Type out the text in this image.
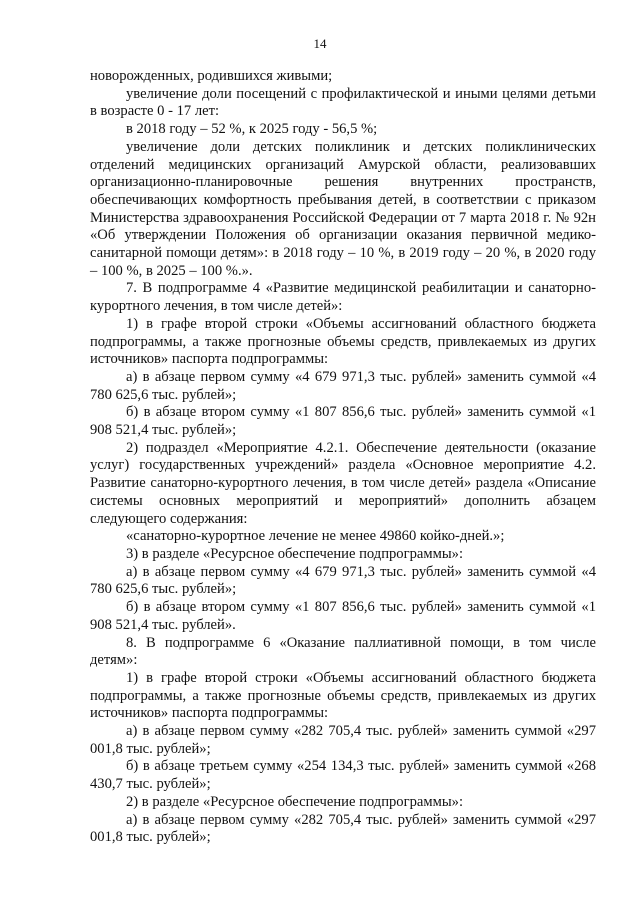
14

новорожденных, родившихся живыми;

увеличение доли посещений с профилактической и иными целями детьми в возрасте 0 - 17 лет:

в 2018 году – 52 %, к 2025 году - 56,5 %;

увеличение доли детских поликлиник и детских поликлинических отделений медицинских организаций Амурской области, реализовавших организационно-планировочные решения внутренних пространств, обеспечивающих комфортность пребывания детей, в соответствии с приказом Министерства здравоохранения Российской Федерации от 7 марта 2018 г. № 92н «Об утверждении Положения об организации оказания первичной медико-санитарной помощи детям»: в 2018 году – 10 %, в 2019 году – 20 %, в 2020 году – 100 %, в 2025 – 100 %.».

7. В подпрограмме 4 «Развитие медицинской реабилитации и санаторно-курортного лечения, в том числе детей»:

1) в графе второй строки «Объемы ассигнований областного бюджета подпрограммы, а также прогнозные объемы средств, привлекаемых из других источников» паспорта подпрограммы:

а) в абзаце первом сумму «4 679 971,3 тыс. рублей» заменить суммой «4 780 625,6 тыс. рублей»;

б) в абзаце втором сумму «1 807 856,6 тыс. рублей» заменить суммой «1 908 521,4 тыс. рублей»;

2) подраздел «Мероприятие 4.2.1. Обеспечение деятельности (оказание услуг) государственных учреждений» раздела «Основное мероприятие 4.2. Развитие санаторно-курортного лечения, в том числе детей» раздела «Описание системы основных мероприятий и мероприятий» дополнить абзацем следующего содержания:

«санаторно-курортное лечение не менее 49860 койко-дней.»;

3) в разделе «Ресурсное обеспечение подпрограммы»:

а) в абзаце первом сумму «4 679 971,3 тыс. рублей» заменить суммой «4 780 625,6 тыс. рублей»;

б) в абзаце втором сумму «1 807 856,6 тыс. рублей» заменить суммой «1 908 521,4 тыс. рублей».

8. В подпрограмме 6 «Оказание паллиативной помощи, в том числе детям»:

1) в графе второй строки «Объемы ассигнований областного бюджета подпрограммы, а также прогнозные объемы средств, привлекаемых из других источников» паспорта подпрограммы:

а) в абзаце первом сумму «282 705,4 тыс. рублей» заменить суммой «297 001,8 тыс. рублей»;

б) в абзаце третьем сумму «254 134,3 тыс. рублей» заменить суммой «268 430,7 тыс. рублей»;

2) в разделе «Ресурсное обеспечение подпрограммы»:

а) в абзаце первом сумму «282 705,4 тыс. рублей» заменить суммой «297 001,8 тыс. рублей»;
